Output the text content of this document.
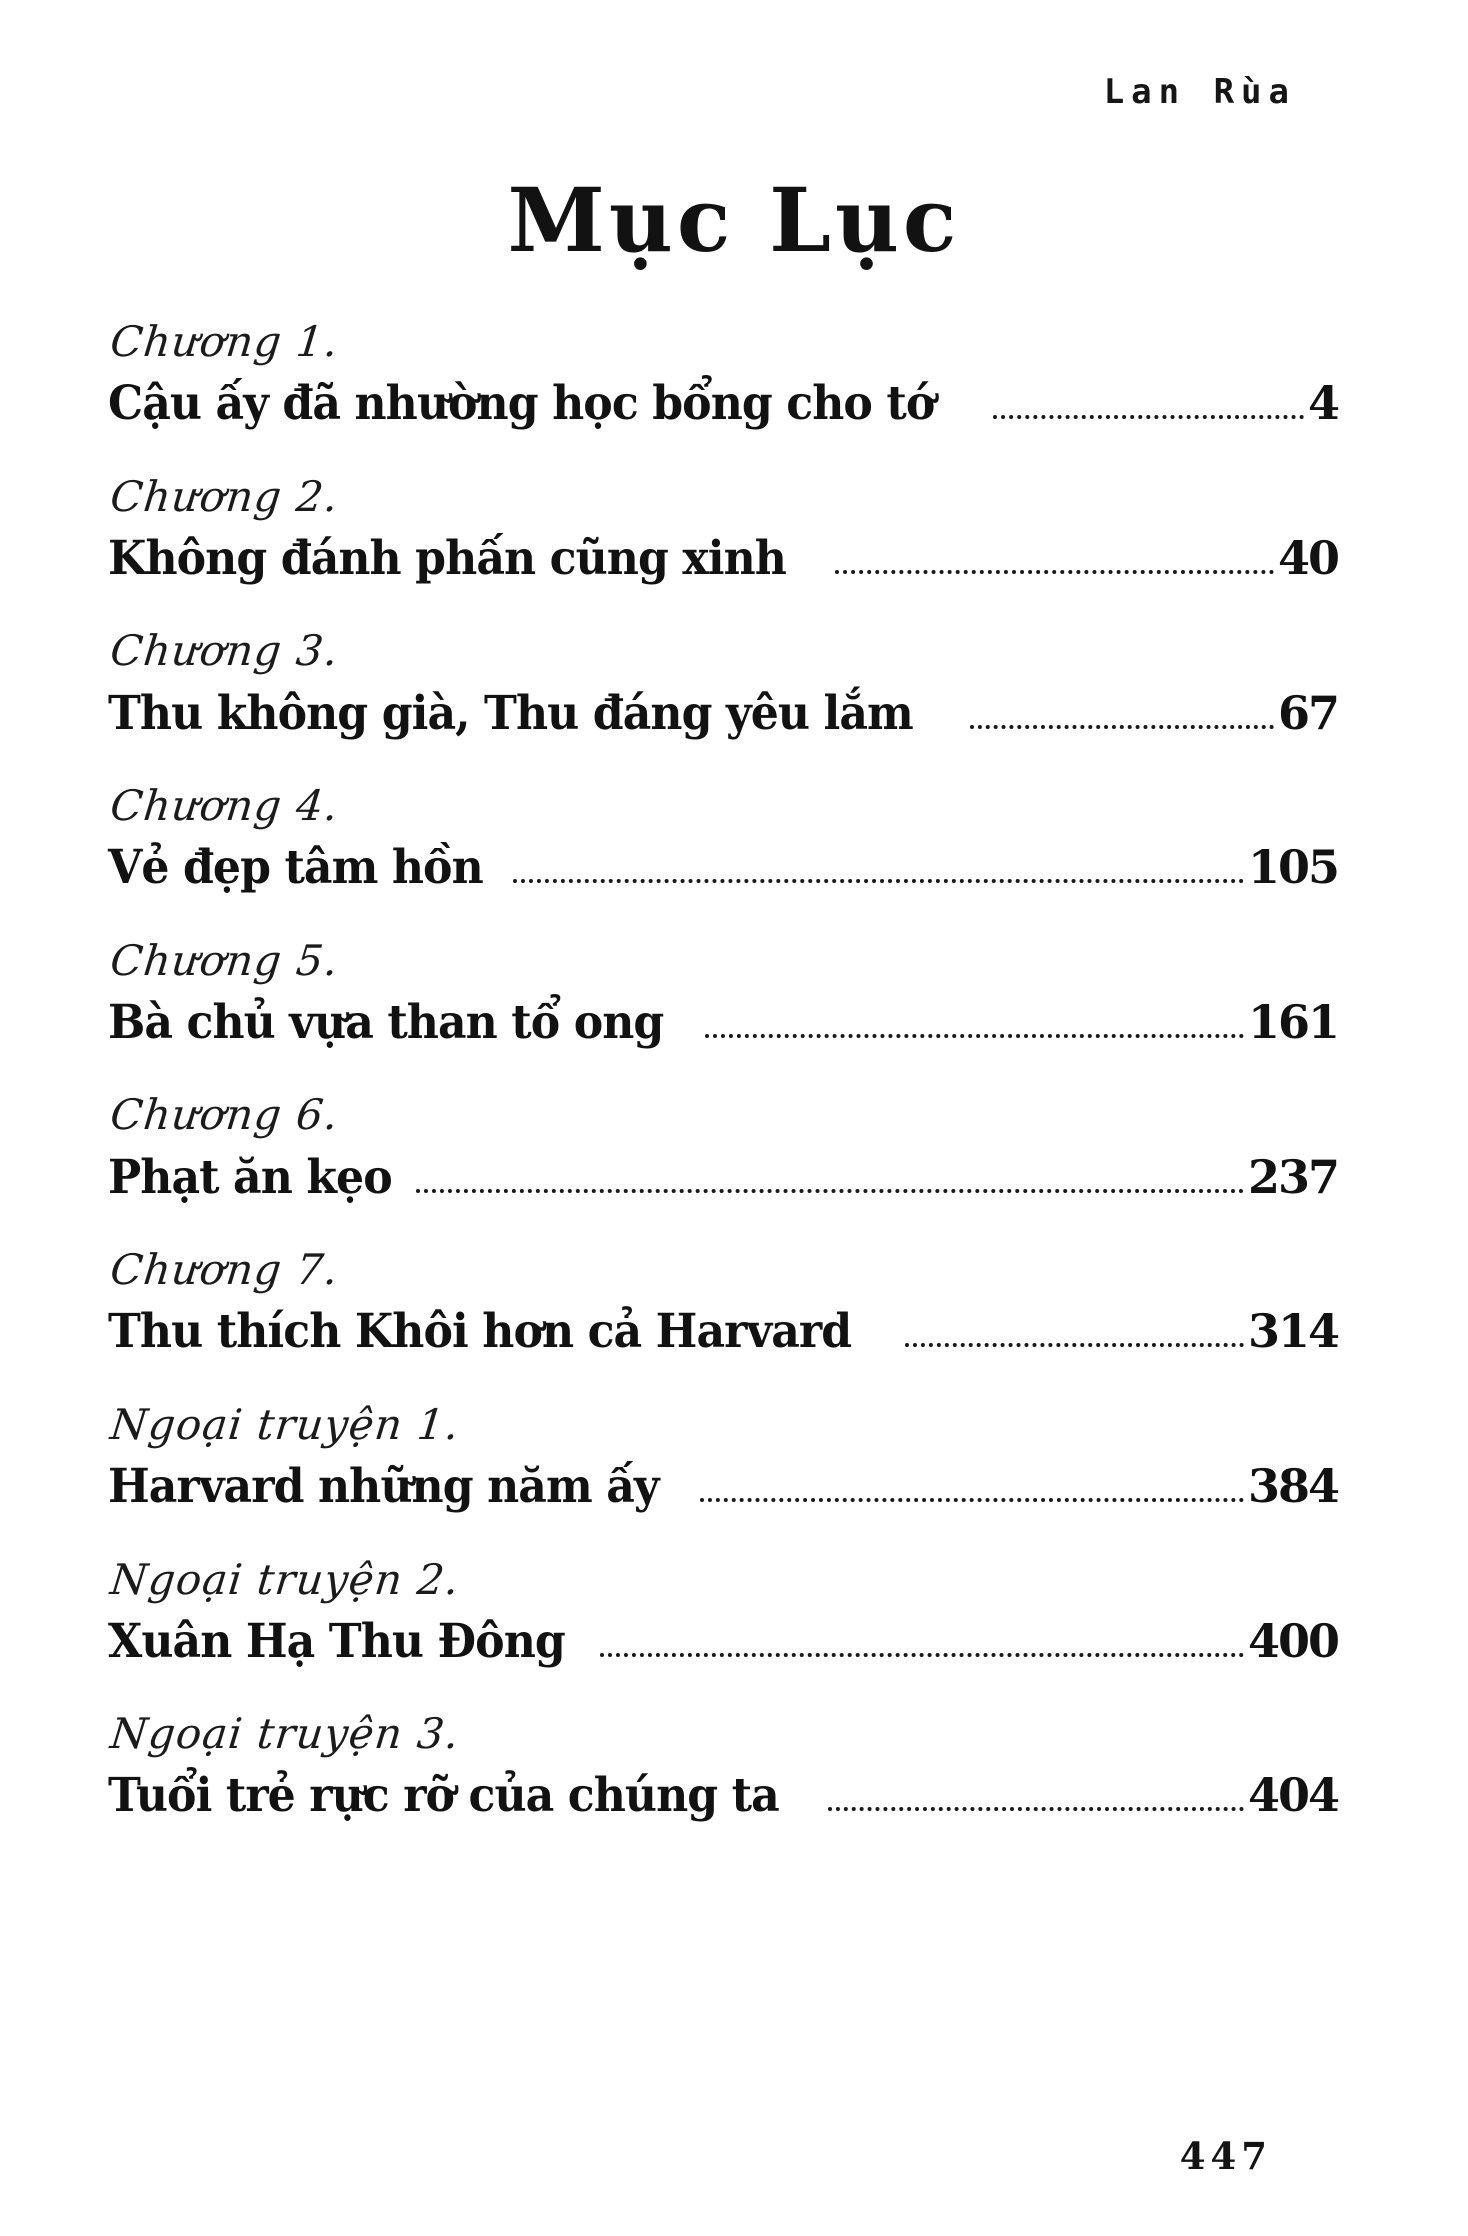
Lan Rùa
Mục Lục
Chương 1.
Cậu ấy đã nhường học bổng cho tớ	4
Chương 2.
Không đánh phấn cũng xinh	40
Chương 3.
Thu không già, Thu đáng yêu lắm	67
Chương 4.
Vẻ đẹp tâm hồn	105
Chương 5.
Bà chủ vựa than tổ ong	161
Chương 6.
Phạt ăn kẹo	237
Chương 7.
Thu thích Khôi hơn cả Harvard	314
Ngoại truyện 1.
Harvard những năm ấy	384
Ngoại truyện 2.
Xuân Hạ Thu Đông	400
Ngoại truyện 3.
Tuổi trẻ rực rỡ của chúng ta	404
447
